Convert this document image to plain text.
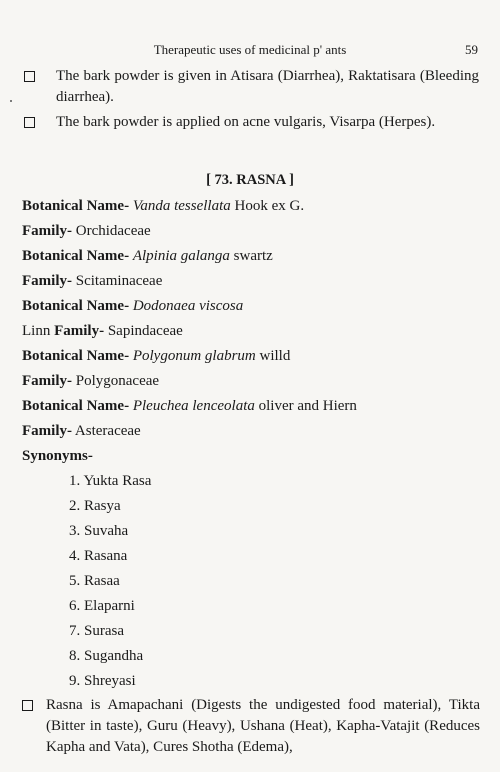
Therapeutic uses of medicinal p' ants	59
The bark powder is given in Atisara (Diarrhea), Raktatisara (Bleeding diarrhea).
The bark powder is applied on acne vulgaris, Visarpa (Herpes).
[ 73. RASNA ]
Botanical Name- Vanda tessellata Hook ex G.
Family- Orchidaceae
Botanical Name- Alpinia galanga swartz
Family- Scitaminaceae
Botanical Name- Dodonaea viscosa
Linn Family- Sapindaceae
Botanical Name- Polygonum glabrum willd
Family- Polygonaceae
Botanical Name- Pleuchea lenceolata oliver and Hiern
Family- Asteraceae
Synonyms-
1. Yukta Rasa
2. Rasya
3. Suvaha
4. Rasana
5. Rasaa
6. Elaparni
7. Surasa
8. Sugandha
9. Shreyasi
Rasna is Amapachani (Digests the undigested food material), Tikta (Bitter in taste), Guru (Heavy), Ushana (Heat), Kapha-Vatajit (Reduces Kapha and Vata), Cures Shotha (Edema),
